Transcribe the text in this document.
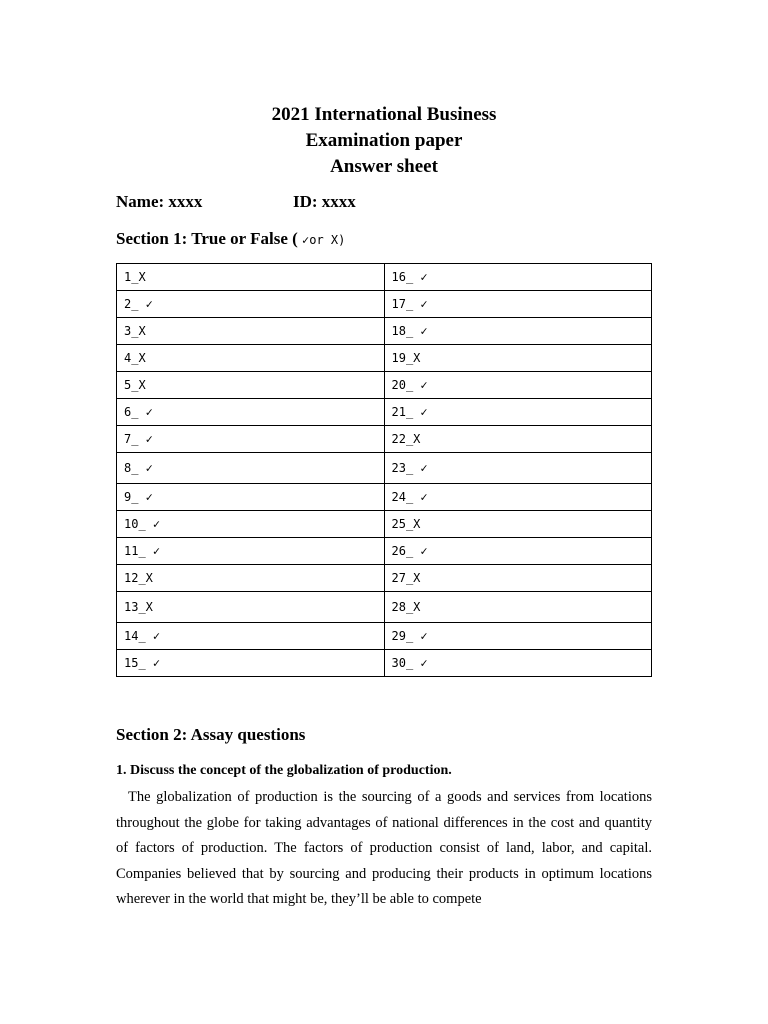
2021 International Business
Examination paper
Answer sheet
Name: xxxx	ID: xxxx
Section 1: True or False ( ✓or X)
1_X	16_ ✓
2_ ✓	17_ ✓
3_X	18_ ✓
4_X	19_X
5_X	20_ ✓
6_ ✓	21_ ✓
7_ ✓	22_X
8_ ✓	23_ ✓
9_ ✓	24_ ✓
10_ ✓	25_X
11_ ✓	26_ ✓
12_X	27_X
13_X	28_X
14_ ✓	29_ ✓
15_ ✓	30_ ✓
Section 2: Assay questions
1. Discuss the concept of the globalization of production.
The globalization of production is the sourcing of a goods and services from locations throughout the globe for taking advantages of national differences in the cost and quantity of factors of production. The factors of production consist of land, labor, and capital. Companies believed that by sourcing and producing their products in optimum locations wherever in the world that might be, they’ll be able to compete
